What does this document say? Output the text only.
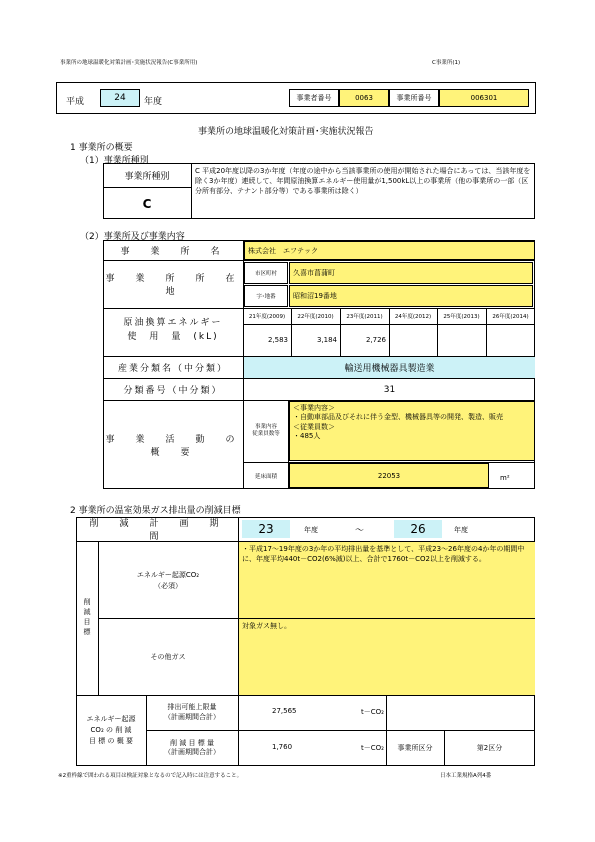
事業所の地球温暖化対策計画･実施状況報告(C事業所用)	C事業所(1)
平成	24	年度	事業者番号	0063	事業所番号	006301
事業所の地球温暖化対策計画･実施状況報告
1 事業所の概要
（1）事業所種別
事業所種別
C
C 平成20年度以降の3か年度（年度の途中から当該事業所の使用が開始された場合にあっては、当該年度を除く3か年度）連続して、年間原油換算エネルギー使用量が1,500kL以上の事業所（他の事業所の一部（区分所有部分、テナント部分等）である事業所は除く）
（2）事業所及び事業内容
事　業　所　名	株式会社　エフテック
事　業　所　所　在　地
市区町村	久喜市菖蒲町
字･地番	昭和沼19番地
原油換算エネルギー
使　用　量　(kL)
21年度(2009)	22年度(2010)	23年度(2011)	24年度(2012)	25年度(2013)	26年度(2014)
2,583	3,184	2,726
産業分類名（中分類）	輸送用機械器具製造業
分類番号（中分類）	31
事　業　活　動　の　概　要
事業内容
従業員数等
＜事業内容＞
・自動車部品及びそれに伴う金型、機械器具等の開発、製造、販売
＜従業員数＞
・485人
延床面積	22053	m²
2 事業所の温室効果ガス排出量の削減目標
削　減　計　画　期　間
23	年度	～	26	年度
削減目標
エネルギー起源CO₂
（必須）
・平成17～19年度の3か年の平均排出量を基準として、平成23～26年度の4か年の期間中に、年度平均440t－CO2(6%減)以上、合計で1760t－CO2以上を削減する。
その他ガス
対象ガス無し。
エネルギー起源
CO₂ の 削 減
目 標 の 概 要
排出可能上限量
（計画期間合計）
27,565	t－CO₂
削 減 目 標 量
（計画期間合計）
1,760	t－CO₂	事業所区分	第2区分
※2重枠線で囲われる項目は検証対象となるので記入時には注意すること。	日本工業規格A列4番
